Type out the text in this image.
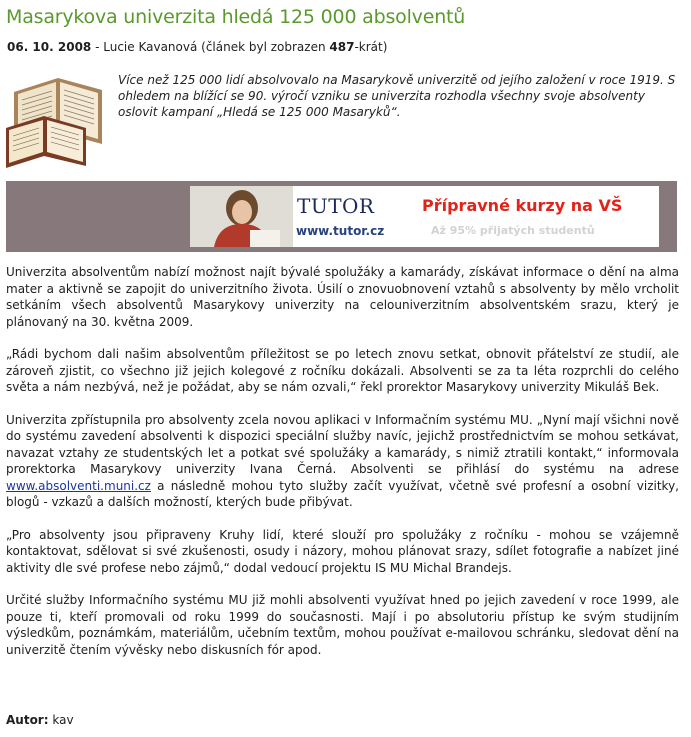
Masarykova univerzita hledá 125 000 absolventů
06. 10. 2008 - Lucie Kavanová (článek byl zobrazen 487-krát)
Více než 125 000 lidí absolvovalo na Masarykově univerzitě od jejího založení v roce 1919. S ohledem na blížící se 90. výročí vzniku se univerzita rozhodla všechny svoje absolventy oslovit kampaní „Hledá se 125 000 Masaryků“.
TUTOR
www.tutor.cz
Přípravné kurzy na VŠ
Až 95% přijatých studentů

Univerzita absolventům nabízí možnost najít bývalé spolužáky a kamarády, získávat informace o dění na alma mater a aktivně se zapojit do univerzitního života. Úsilí o znovuobnovení vztahů s absolventy by mělo vrcholit setkáním všech absolventů Masarykovy univerzity na celouniverzitním absolventském srazu, který je plánovaný na 30. května 2009.

„Rádi bychom dali našim absolventům příležitost se po letech znovu setkat, obnovit přátelství ze studií, ale zároveň zjistit, co všechno již jejich kolegové z ročníku dokázali. Absolventi se za ta léta rozprchli do celého světa a nám nezbývá, než je požádat, aby se nám ozvali,“ řekl prorektor Masarykovy univerzity Mikuláš Bek.

Univerzita zpřístupnila pro absolventy zcela novou aplikaci v Informačním systému MU. „Nyní mají všichni nově do systému zavedení absolventi k dispozici speciální služby navíc, jejichž prostřednictvím se mohou setkávat, navazat vztahy ze studentských let a potkat své spolužáky a kamarády, s nimiž ztratili kontakt,“ informovala prorektorka Masarykovy univerzity Ivana Černá. Absolventi se přihlásí do systému na adrese www.absolventi.muni.cz a následně mohou tyto služby začít využívat, včetně své profesní a osobní vizitky, blogů - vzkazů a dalších možností, kterých bude přibývat.

„Pro absolventy jsou připraveny Kruhy lidí, které slouží pro spolužáky z ročníku - mohou se vzájemně kontaktovat, sdělovat si své zkušenosti, osudy i názory, mohou plánovat srazy, sdílet fotografie a nabízet jiné aktivity dle své profese nebo zájmů,“ dodal vedoucí projektu IS MU Michal Brandejs.

Určité služby Informačního systému MU již mohli absolventi využívat hned po jejich zavedení v roce 1999, ale pouze ti, kteří promovali od roku 1999 do současnosti. Mají i po absolutoriu přístup ke svým studijním výsledkům, poznámkám, materiálům, učebním textům, mohou používat e-mailovou schránku, sledovat dění na univerzitě čtením vývěsky nebo diskusních fór apod.

Autor: kav
